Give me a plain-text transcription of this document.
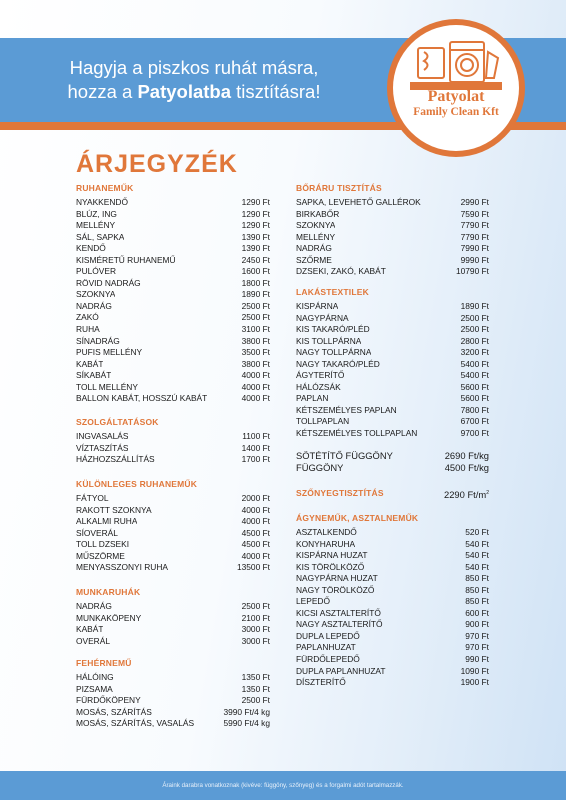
Hagyja a piszkos ruhát másra,
hozza a Patyolatba tisztításra!	Patyolat
Family Clean Kft
ÁRJEGYZÉK
RUHANEMŰK
NYAKKENDŐ	1290 Ft
BLÚZ, ING	1290 Ft
MELLÉNY	1290 Ft
SÁL, SAPKA	1390 Ft
KENDŐ	1390 Ft
KISMÉRETŰ RUHANEMŰ	2450 Ft
PULÓVER	1600 Ft
RÖVID NADRÁG	1800 Ft
SZOKNYA	1890 Ft
NADRÁG	2500 Ft
ZAKÓ	2500 Ft
RUHA	3100 Ft
SÍNADRÁG	3800 Ft
PUFIS MELLÉNY	3500 Ft
KABÁT	3800 Ft
SÍKABÁT	4000 Ft
TOLL MELLÉNY	4000 Ft
BALLON KABÁT, HOSSZÚ KABÁT	4000 Ft
SZOLGÁLTATÁSOK
INGVASALÁS	1100 Ft
VÍZTASZÍTÁS	1400 Ft
HÁZHOZSZÁLLÍTÁS	1700 Ft
KÜLÖNLEGES RUHANEMŰK
FÁTYOL	2000 Ft
RAKOTT SZOKNYA	4000 Ft
ALKALMI RUHA	4000 Ft
SÍOVERÁL	4500 Ft
TOLL DZSEKI	4500 Ft
MŰSZÖRME	4000 Ft
MENYASSZONYI RUHA	13500 Ft
MUNKARUHÁK
NADRÁG	2500 Ft
MUNKAKÖPENY	2100 Ft
KABÁT	3000 Ft
OVERÁL	3000 Ft
FEHÉRNEMŰ
HÁLÓING	1350 Ft
PIZSAMA	1350 Ft
FÜRDŐKÖPENY	2500 Ft
MOSÁS, SZÁRÍTÁS	3990 Ft/4 kg
MOSÁS, SZÁRÍTÁS, VASALÁS	5990 Ft/4 kg
BŐRÁRU TISZTÍTÁS
SAPKA, LEVEHETŐ GALLÉROK	2990 Ft
BIRKABŐR	7590 Ft
SZOKNYA	7790 Ft
MELLÉNY	7790 Ft
NADRÁG	7990 Ft
SZŐRME	9990 Ft
DZSEKI, ZAKÓ, KABÁT	10790 Ft
LAKÁSTEXTILEK
KISPÁRNA	1890 Ft
NAGYPÁRNA	2500 Ft
KIS TAKARÓ/PLÉD	2500 Ft
KIS TOLLPÁRNA	2800 Ft
NAGY TOLLPÁRNA	3200 Ft
NAGY TAKARÓ/PLÉD	5400 Ft
ÁGYTERÍTŐ	5400 Ft
HÁLÓZSÁK	5600 Ft
PAPLAN	5600 Ft
KÉTSZEMÉLYES PAPLAN	7800 Ft
TOLLPAPLAN	6700 Ft
KÉTSZEMÉLYES TOLLPAPLAN	9700 Ft
SÖTÉTÍTŐ FÜGGÖNY	2690 Ft/kg
FÜGGÖNY	4500 Ft/kg
SZŐNYEGTISZTÍTÁS	2290 $Ft/m^2$
ÁGYNEMŰK, ASZTALNEMŰK
ASZTALKENDŐ	520 Ft
KONYHARUHA	540 Ft
KISPÁRNA HUZAT	540 Ft
KIS TÖRÖLKÖZŐ	540 Ft
NAGYPÁRNA HUZAT	850 Ft
NAGY TÖRÖLKÖZŐ	850 Ft
LEPEDŐ	850 Ft
KICSI ASZTALTERÍTŐ	600 Ft
NAGY ASZTALTERÍTŐ	900 Ft
DUPLA LEPEDŐ	970 Ft
PAPLANHUZAT	970 Ft
FÜRDŐLEPEDŐ	990 Ft
DUPLA PAPLANHUZAT	1090 Ft
DÍSZTERÍTŐ	1900 Ft
Áraink darabra vonatkoznak (kivéve: függöny, szőnyeg) és a forgalmi adót tartalmazzák.
